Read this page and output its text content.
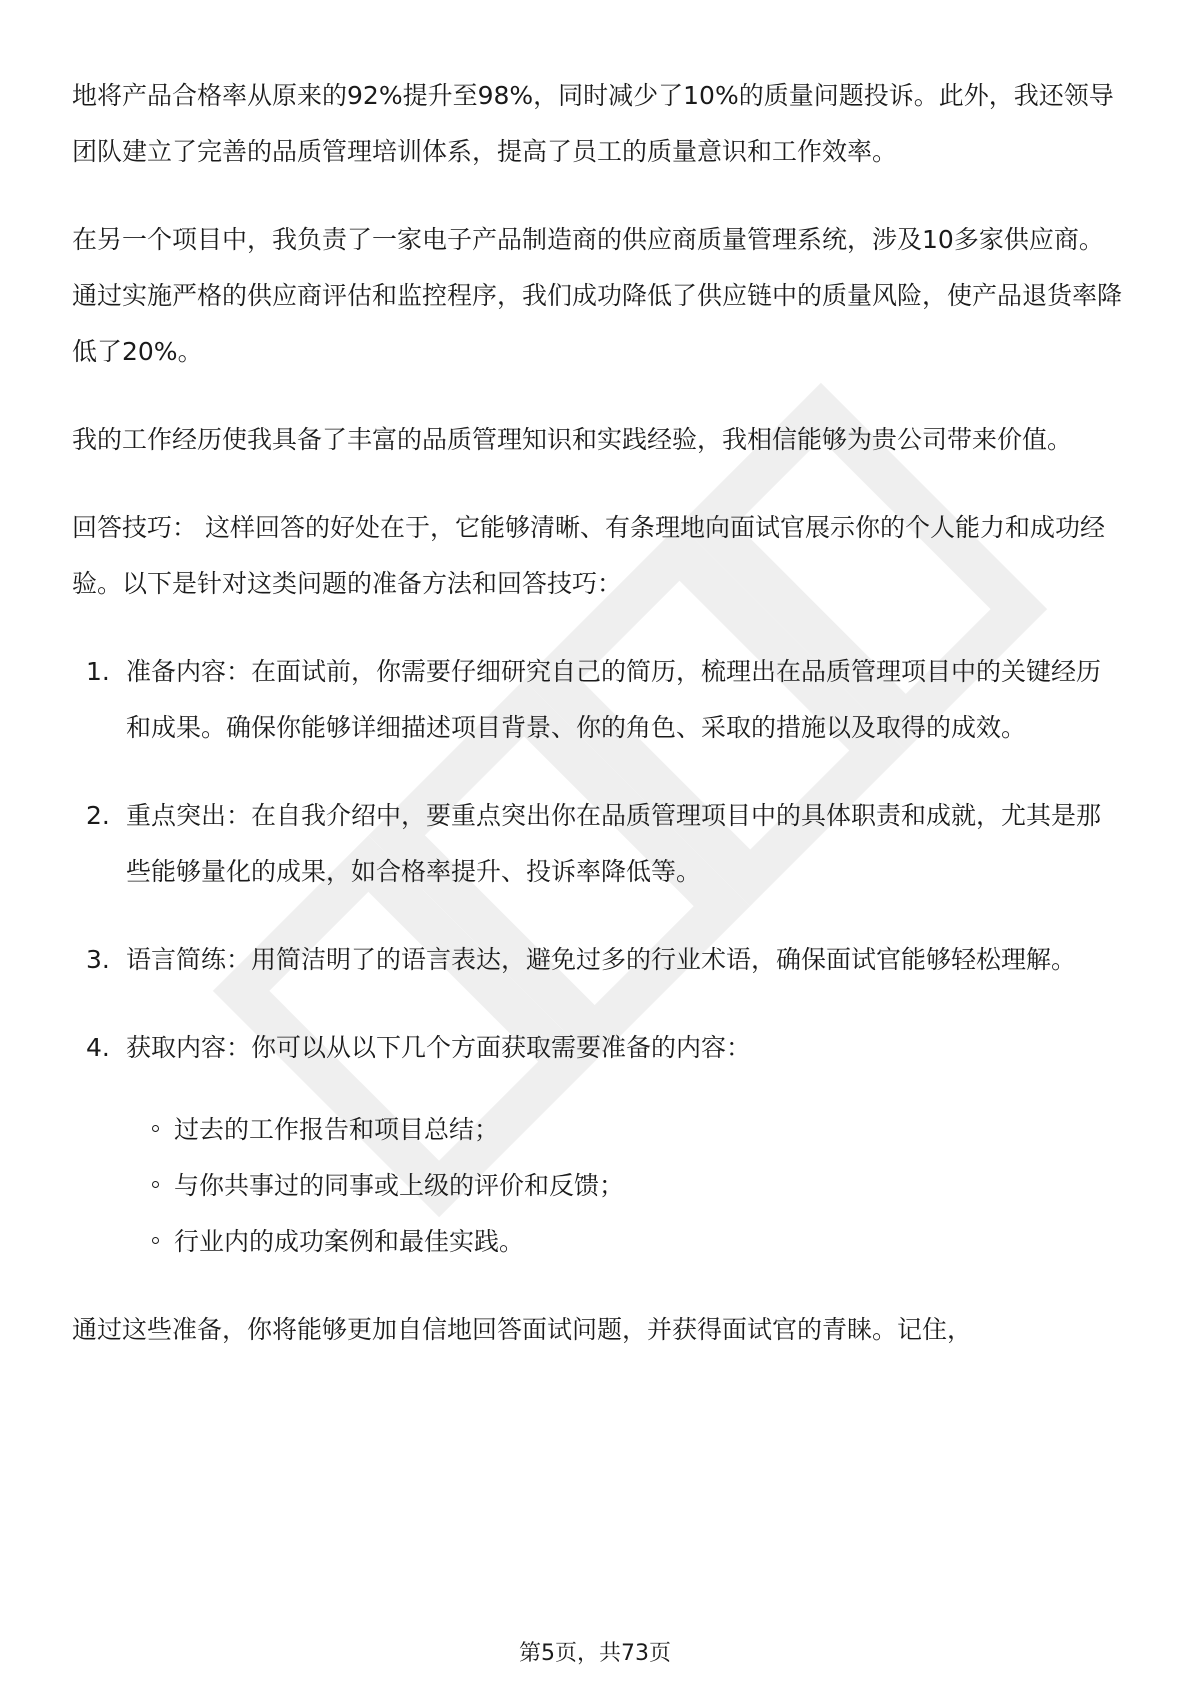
地将产品合格率从原来的92%提升至98%，同时减少了10%的质量问题投诉。此外，我还领导团队建立了完善的品质管理培训体系，提高了员工的质量意识和工作效率。

在另一个项目中，我负责了一家电子产品制造商的供应商质量管理系统，涉及10多家供应商。通过实施严格的供应商评估和监控程序，我们成功降低了供应链中的质量风险，使产品退货率降低了20%。

我的工作经历使我具备了丰富的品质管理知识和实践经验，我相信能够为贵公司带来价值。

回答技巧： 这样回答的好处在于，它能够清晰、有条理地向面试官展示你的个人能力和成功经验。以下是针对这类问题的准备方法和回答技巧：

1. 准备内容：在面试前，你需要仔细研究自己的简历，梳理出在品质管理项目中的关键经历和成果。确保你能够详细描述项目背景、你的角色、采取的措施以及取得的成效。
2. 重点突出：在自我介绍中，要重点突出你在品质管理项目中的具体职责和成就，尤其是那些能够量化的成果，如合格率提升、投诉率降低等。
3. 语言简练：用简洁明了的语言表达，避免过多的行业术语，确保面试官能够轻松理解。
4. 获取内容：你可以从以下几个方面获取需要准备的内容：
过去的工作报告和项目总结；
与你共事过的同事或上级的评价和反馈；
行业内的成功案例和最佳实践。

通过这些准备，你将能够更加自信地回答面试问题，并获得面试官的青睐。记住，

第5页，共73页
